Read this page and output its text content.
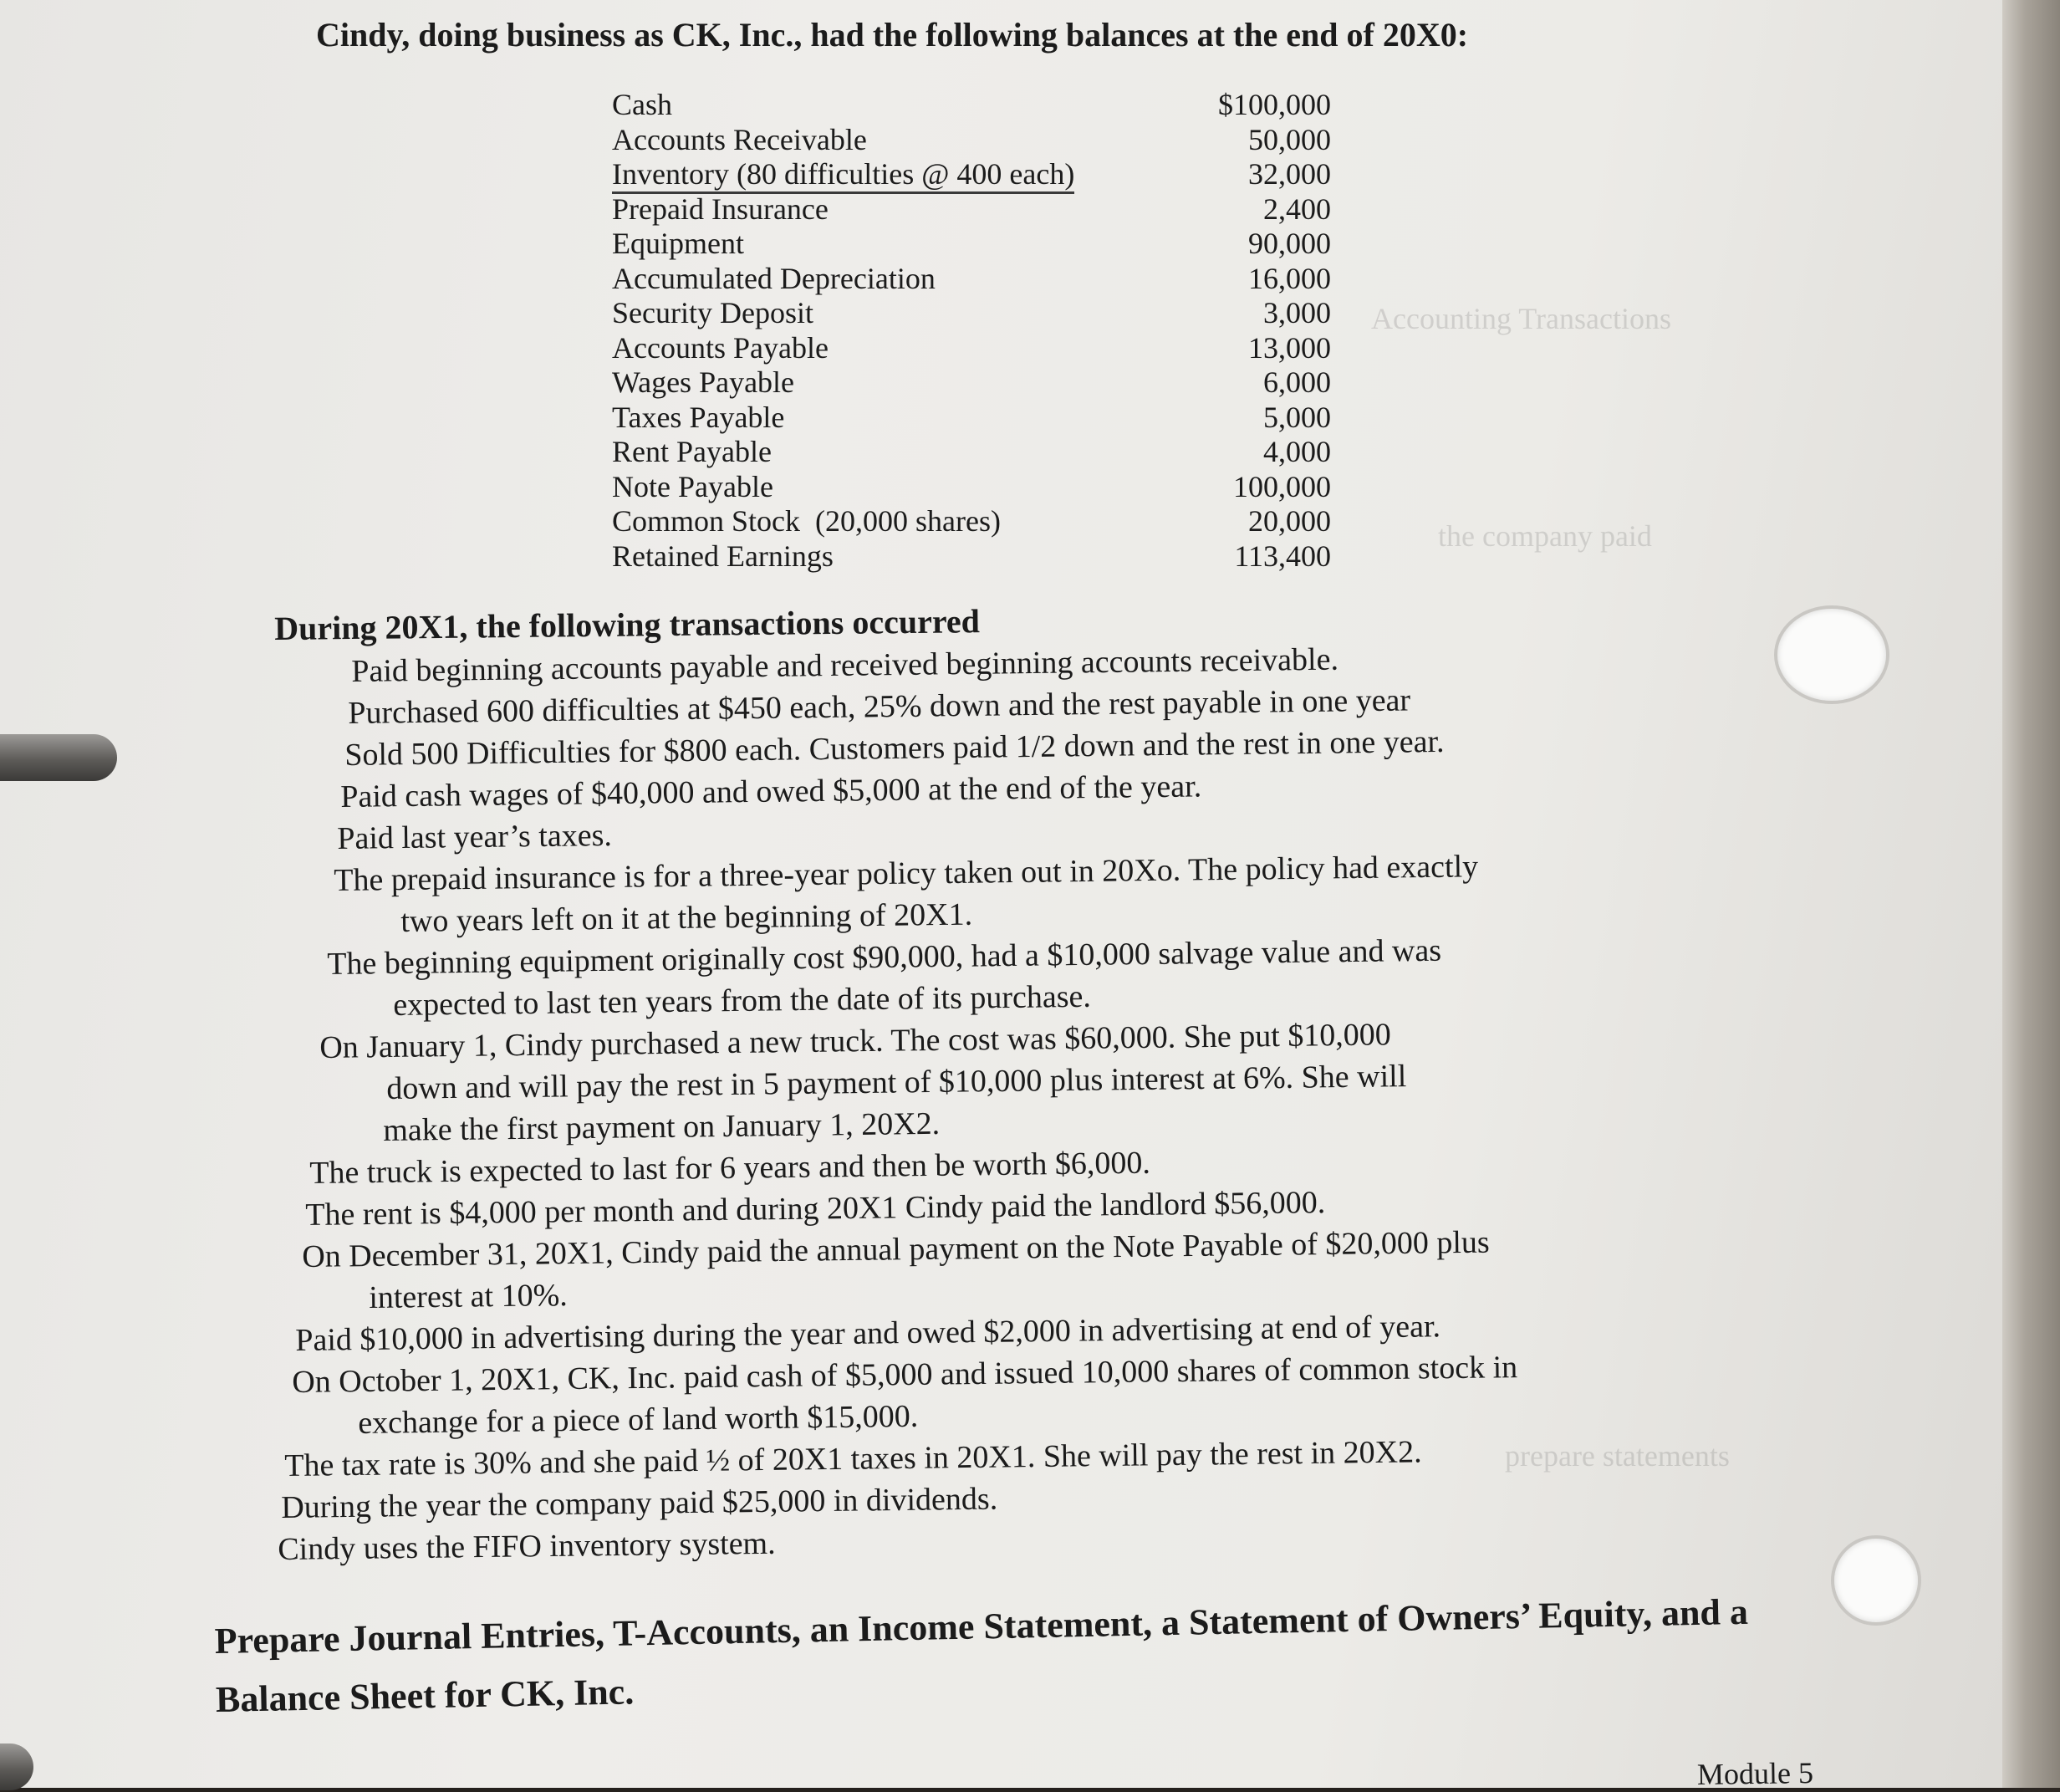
Accounting Transactions
the company paid
prepare statements
Cindy, doing business as CK, Inc., had the following balances at the end of 20X0:
Cash	$100,000
Accounts Receivable	50,000
Inventory (80 difficulties @ 400 each)	32,000
Prepaid Insurance	2,400
Equipment	90,000
Accumulated Depreciation	16,000
Security Deposit	3,000
Accounts Payable	13,000
Wages Payable	6,000
Taxes Payable	5,000
Rent Payable	4,000
Note Payable	100,000
Common Stock  (20,000 shares)	20,000
Retained Earnings	113,400
During 20X1, the following transactions occurred
Paid beginning accounts payable and received beginning accounts receivable.
Purchased 600 difficulties at $450 each, 25% down and the rest payable in one year
Sold 500 Difficulties for $800 each. Customers paid 1/2 down and the rest in one year.
Paid cash wages of $40,000 and owed $5,000 at the end of the year.
Paid last year’s taxes.
The prepaid insurance is for a three-year policy taken out in 20Xo. The policy had exactly
two years left on it at the beginning of 20X1.
The beginning equipment originally cost $90,000, had a $10,000 salvage value and was
expected to last ten years from the date of its purchase.
On January 1, Cindy purchased a new truck. The cost was $60,000. She put $10,000
down and will pay the rest in 5 payment of $10,000 plus interest at 6%. She will
make the first payment on January 1, 20X2.
The truck is expected to last for 6 years and then be worth $6,000.
The rent is $4,000 per month and during 20X1 Cindy paid the landlord $56,000.
On December 31, 20X1, Cindy paid the annual payment on the Note Payable of $20,000 plus
interest at 10%.
Paid $10,000 in advertising during the year and owed $2,000 in advertising at end of year.
On October 1, 20X1, CK, Inc. paid cash of $5,000 and issued 10,000 shares of common stock in
exchange for a piece of land worth $15,000.
The tax rate is 30% and she paid ½ of 20X1 taxes in 20X1. She will pay the rest in 20X2.
During the year the company paid $25,000 in dividends.
Cindy uses the FIFO inventory system.
Prepare Journal Entries, T-Accounts, an Income Statement, a Statement of Owners’ Equity, and a Balance Sheet for CK, Inc.
Module 5
